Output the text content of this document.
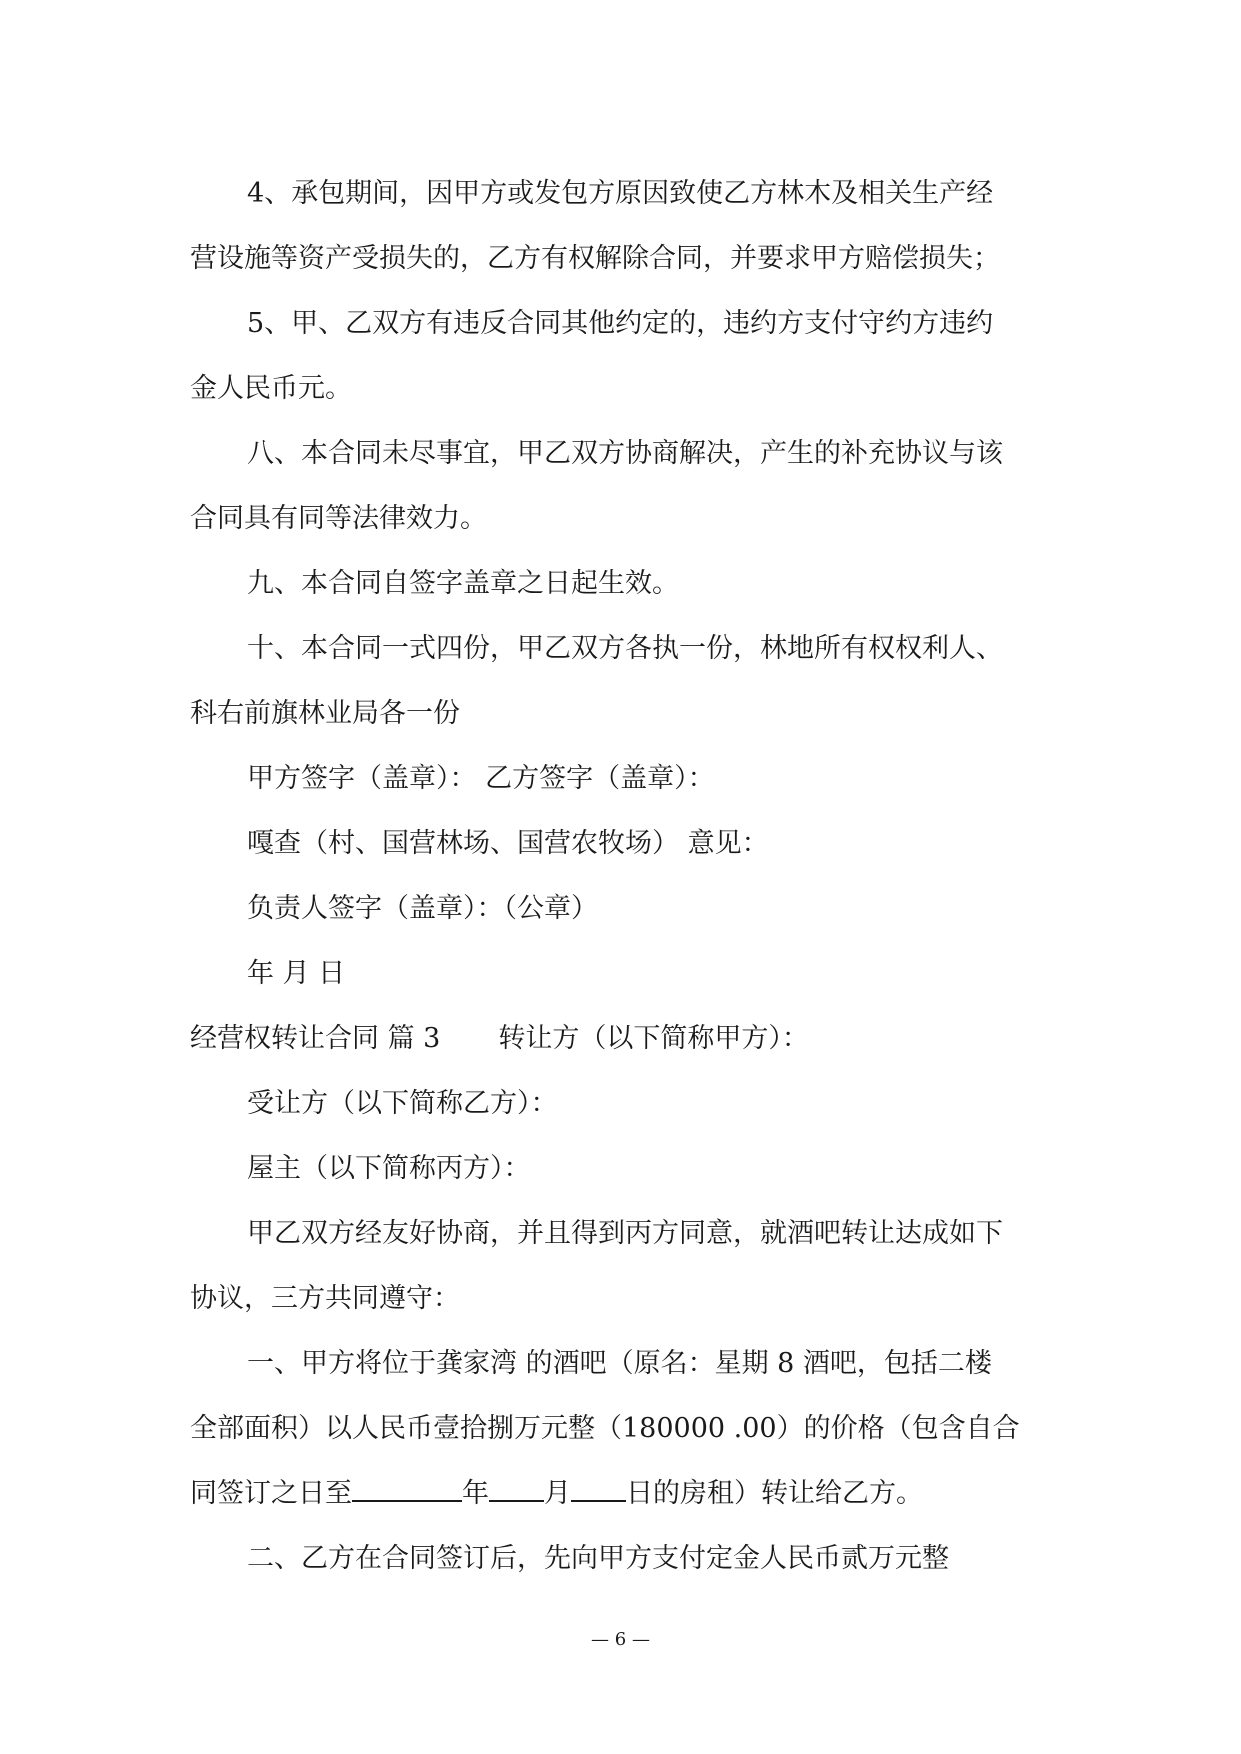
4、承包期间，因甲方或发包方原因致使乙方林木及相关生产经
营设施等资产受损失的，乙方有权解除合同，并要求甲方赔偿损失；
5、甲、乙双方有违反合同其他约定的，违约方支付守约方违约
金人民币元。
八、本合同未尽事宜，甲乙双方协商解决，产生的补充协议与该
合同具有同等法律效力。
九、本合同自签字盖章之日起生效。
十、本合同一式四份，甲乙双方各执一份，林地所有权权利人、
科右前旗林业局各一份
甲方签字（盖章）： 乙方签字（盖章）：
嘎查（村、国营林场、国营农牧场） 意见：
负责人签字（盖章）：（公章）
年 月 日
经营权转让合同 篇 3 转让方（以下简称甲方）：
受让方（以下简称乙方）：
屋主（以下简称丙方）：
甲乙双方经友好协商，并且得到丙方同意，就酒吧转让达成如下
协议，三方共同遵守：
一、甲方将位于龚家湾 的酒吧（原名：星期 8 酒吧，包括二楼
全部面积）以人民币壹拾捌万元整（180000 .00）的价格（包含自合
同签订之日至	年 月 日的房租）转让给乙方。
二、乙方在合同签订后，先向甲方支付定金人民币贰万元整
— 6 —
